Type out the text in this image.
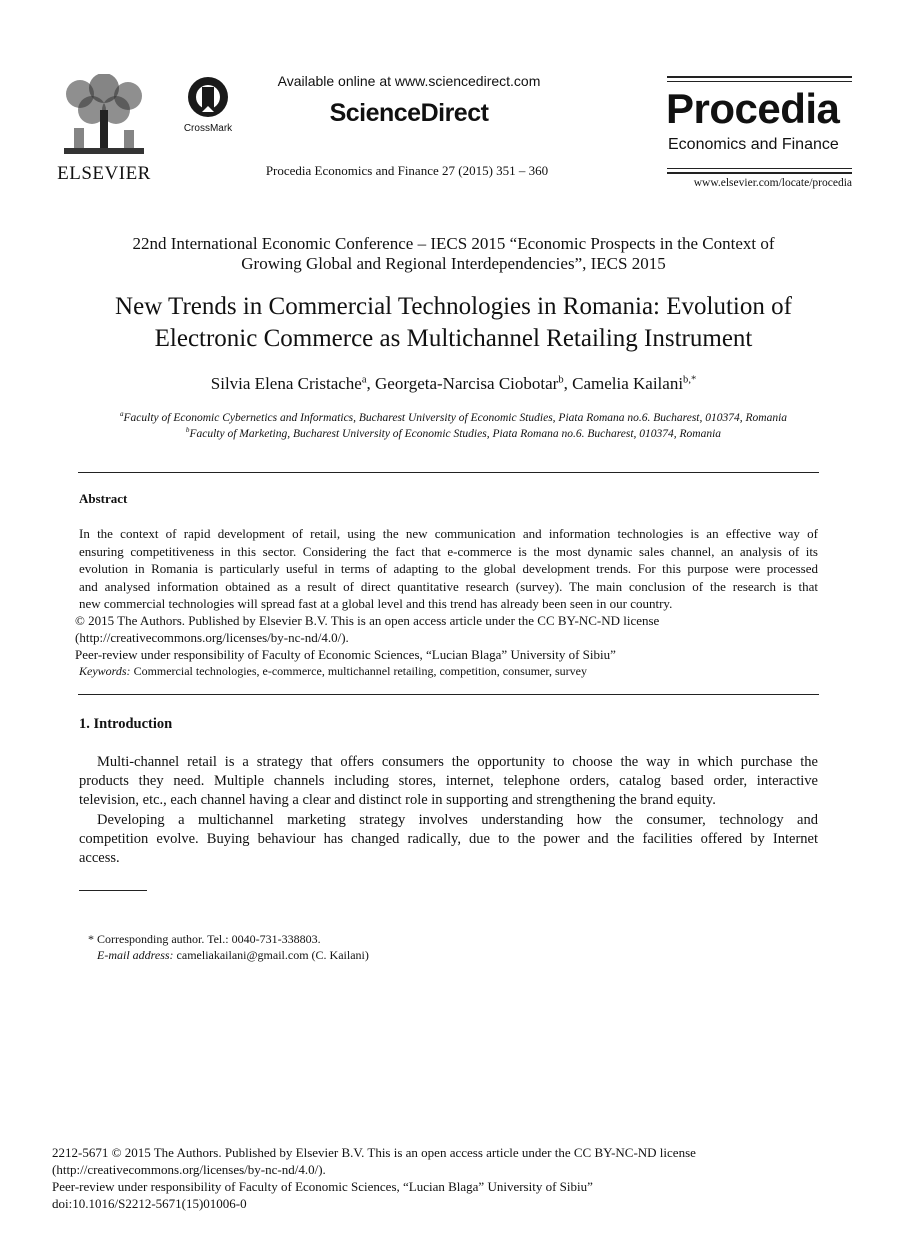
ELSEVIER
CrossMark
Available online at www.sciencedirect.com
ScienceDirect
Procedia Economics and Finance 27 (2015) 351 – 360
Procedia
Economics and Finance
www.elsevier.com/locate/procedia
22nd International Economic Conference – IECS 2015 “Economic Prospects in the Context of
Growing Global and Regional Interdependencies”, IECS 2015
New Trends in Commercial Technologies in Romania: Evolution of
Electronic Commerce as Multichannel Retailing Instrument
Silvia Elena Cristache$^a$, Georgeta-Narcisa Ciobotar$^b$, Camelia Kailani$^{b,*}$
$^a$Faculty of Economic Cybernetics and Informatics, Bucharest University of Economic Studies, Piata Romana no.6. Bucharest, 010374, Romania
$^b$Faculty of Marketing, Bucharest University of Economic Studies, Piata Romana no.6. Bucharest, 010374, Romania
Abstract
In the context of rapid development of retail, using the new communication and information technologies is an effective way of
ensuring competitiveness in this sector. Considering the fact that e-commerce is the most dynamic sales channel, an analysis of its
evolution in Romania is particularly useful in terms of adapting to the global development trends. For this purpose were processed
and analysed information obtained as a result of direct quantitative research (survey). The main conclusion of the research is that
new commercial technologies will spread fast at a global level and this trend has already been seen in our country.
© 2015 The Authors. Published by Elsevier B.V. This is an open access article under the CC BY-NC-ND license
(http://creativecommons.org/licenses/by-nc-nd/4.0/).
Peer-review under responsibility of Faculty of Economic Sciences, “Lucian Blaga” University of Sibiu”
Keywords: Commercial technologies, e-commerce, multichannel retailing, competition, consumer, survey
1. Introduction
Multi-channel retail is a strategy that offers consumers the opportunity to choose the way in which purchase the
products they need. Multiple channels including stores, internet, telephone orders, catalog based order, interactive
television, etc., each channel having a clear and distinct role in supporting and strengthening the brand equity.
Developing a multichannel marketing strategy involves understanding how the consumer, technology and
competition evolve. Buying behaviour has changed radically, due to the power and the facilities offered by Internet
access.
* Corresponding author. Tel.: 0040-731-338803.
E-mail address: cameliakailani@gmail.com (C. Kailani)
2212-5671 © 2015 The Authors. Published by Elsevier B.V. This is an open access article under the CC BY-NC-ND license
(http://creativecommons.org/licenses/by-nc-nd/4.0/).
Peer-review under responsibility of Faculty of Economic Sciences, “Lucian Blaga” University of Sibiu”
doi:10.1016/S2212-5671(15)01006-0
